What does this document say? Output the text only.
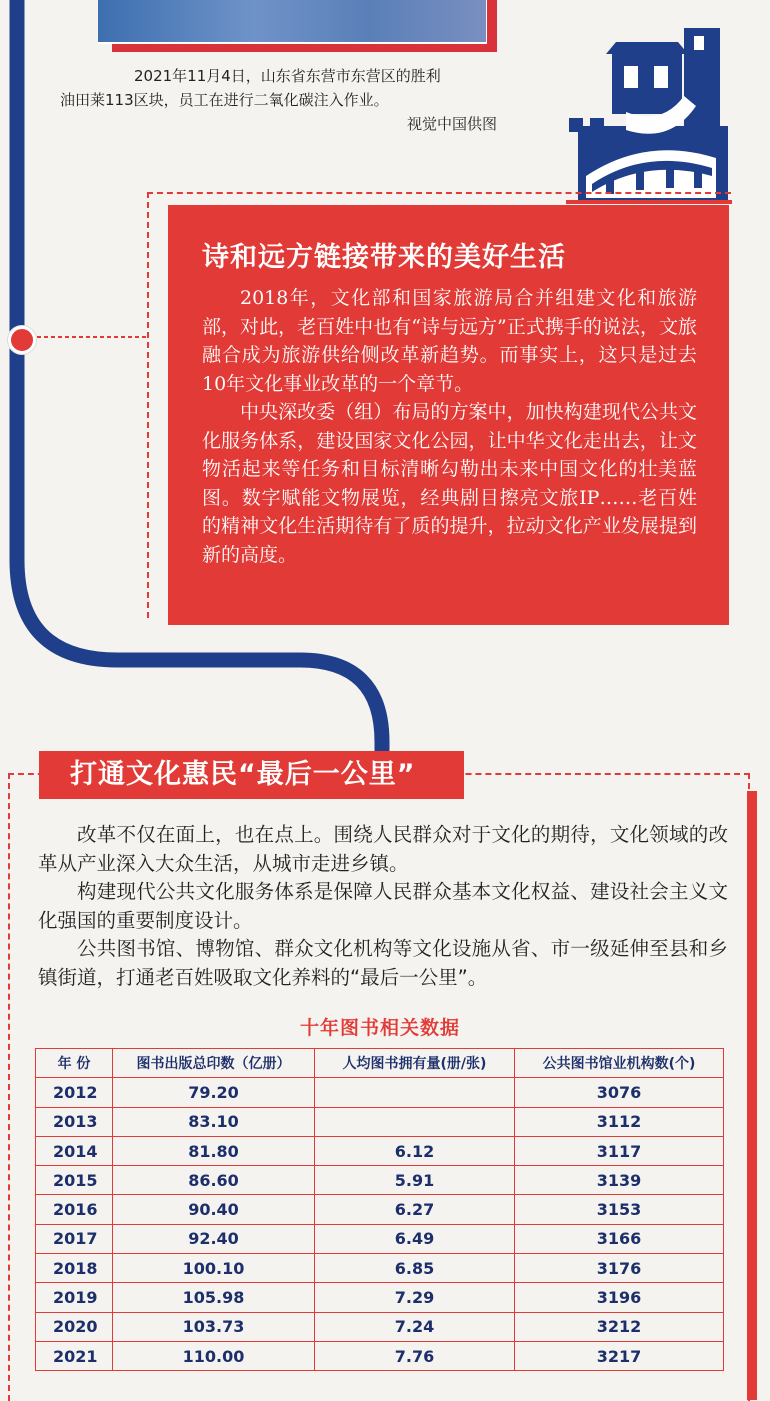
2021年11月4日，山东省东营市东营区的胜利

油田莱113区块，员工在进行二氧化碳注入作业。

视觉中国供图

诗和远方链接带来的美好生活

2018年，文化部和国家旅游局合并组建文化和旅游部，对此，老百姓中也有“诗与远方”正式携手的说法，文旅融合成为旅游供给侧改革新趋势。而事实上，这只是过去10年文化事业改革的一个章节。

中央深改委（组）布局的方案中，加快构建现代公共文化服务体系，建设国家文化公园，让中华文化走出去，让文物活起来等任务和目标清晰勾勒出未来中国文化的壮美蓝图。数字赋能文物展览，经典剧目擦亮文旅IP……老百姓的精神文化生活期待有了质的提升，拉动文化产业发展提到新的高度。

打通文化惠民“最后一公里”

改革不仅在面上，也在点上。围绕人民群众对于文化的期待，文化领域的改革从产业深入大众生活，从城市走进乡镇。

构建现代公共文化服务体系是保障人民群众基本文化权益、建设社会主义文化强国的重要制度设计。

公共图书馆、博物馆、群众文化机构等文化设施从省、市一级延伸至县和乡镇街道，打通老百姓吸取文化养料的“最后一公里”。

十年图书相关数据
年 份	图书出版总印数（亿册）	人均图书拥有量(册/张)	公共图书馆业机构数(个)
2012	79.20		3076
2013	83.10		3112
2014	81.80	6.12	3117
2015	86.60	5.91	3139
2016	90.40	6.27	3153
2017	92.40	6.49	3166
2018	100.10	6.85	3176
2019	105.98	7.29	3196
2020	103.73	7.24	3212
2021	110.00	7.76	3217
